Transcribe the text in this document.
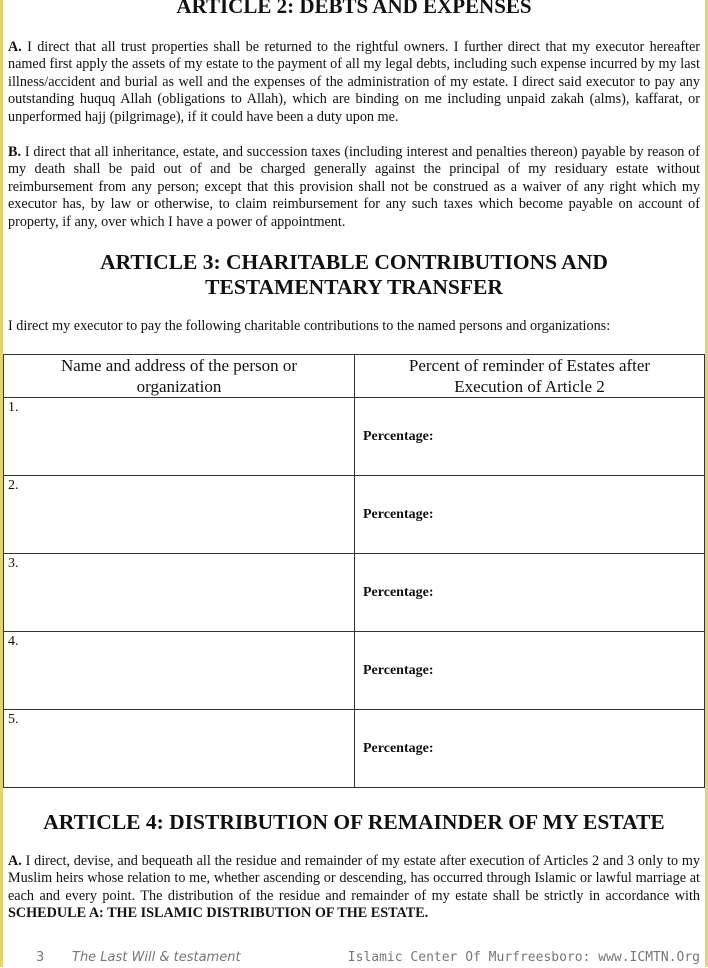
ARTICLE 2: DEBTS AND EXPENSES

A. I direct that all trust properties shall be returned to the rightful owners. I further direct that my executor hereafter named first apply the assets of my estate to the payment of all my legal debts, including such expense incurred by my last illness/accident and burial as well and the expenses of the administration of my estate. I direct said executor to pay any outstanding huquq Allah (obligations to Allah), which are binding on me including unpaid zakah (alms), kaffarat, or unperformed hajj (pilgrimage), if it could have been a duty upon me.

B. I direct that all inheritance, estate, and succession taxes (including interest and penalties thereon) payable by reason of my death shall be paid out of and be charged generally against the principal of my residuary estate without reimbursement from any person; except that this provision shall not be construed as a waiver of any right which my executor has, by law or otherwise, to claim reimbursement for any such taxes which become payable on account of property, if any, over which I have a power of appointment.

ARTICLE 3: CHARITABLE CONTRIBUTIONS AND
TESTAMENTARY TRANSFER

I direct my executor to pay the following charitable contributions to the named persons and organizations:

ARTICLE 4: DISTRIBUTION OF REMAINDER OF MY ESTATE

A. I direct, devise, and bequeath all the residue and remainder of my estate after execution of Articles 2 and 3 only to my Muslim heirs whose relation to me, whether ascending or descending, has occurred through Islamic or lawful marriage at each and every point. The distribution of the residue and remainder of my estate shall be strictly in accordance with SCHEDULE A: THE ISLAMIC DISTRIBUTION OF THE ESTATE.

Name and address of the person or
organization	Percent of reminder of Estates after
Execution of Article 2

1.	Percentage:

2.	Percentage:

3.	Percentage:

4.	Percentage:

5.	Percentage:
3 The Last Will & testament	Islamic Center Of Murfreesboro: www.ICMTN.Org
